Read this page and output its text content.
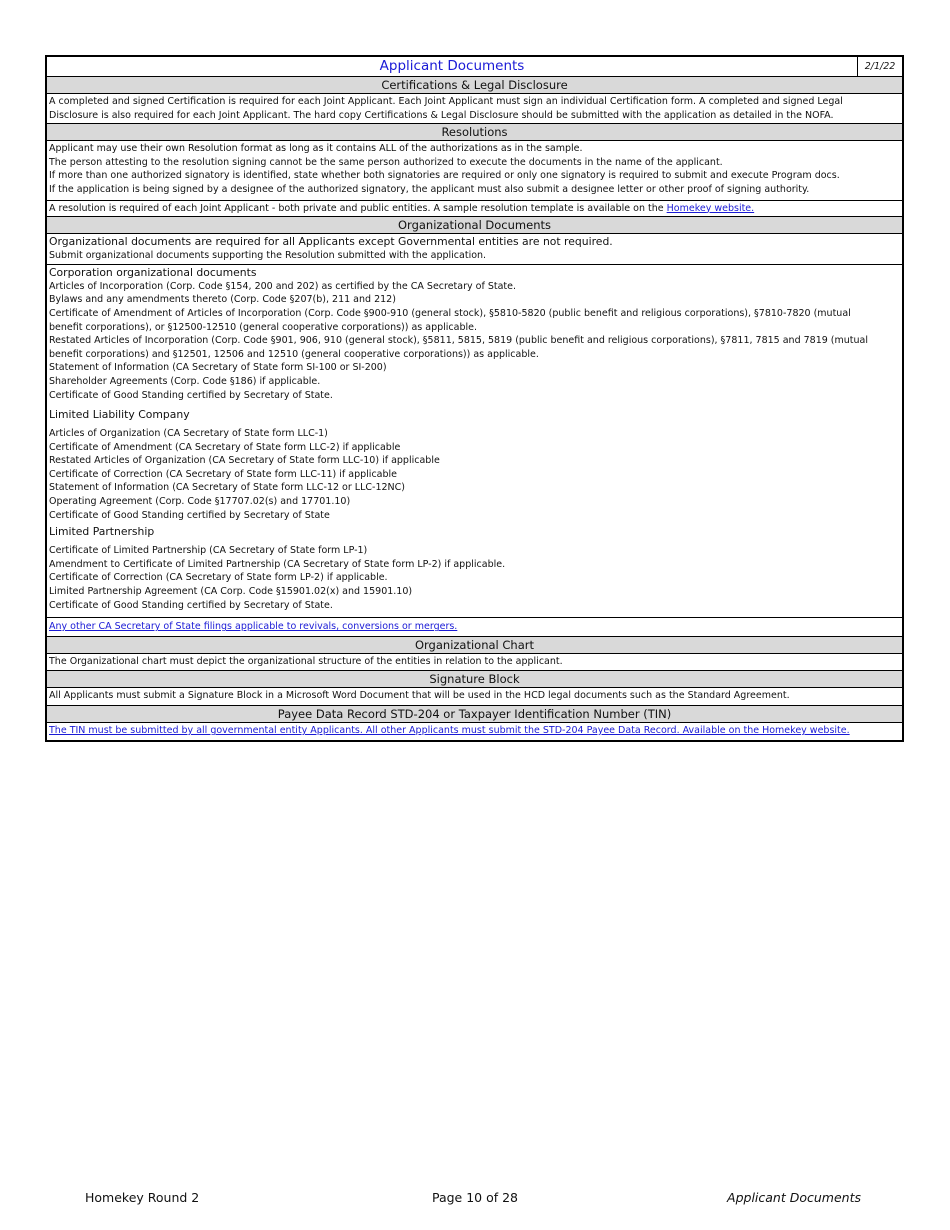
Applicant Documents	2/1/22
Certifications & Legal Disclosure

A completed and signed Certification is required for each Joint Applicant. Each Joint Applicant must sign an individual Certification form. A completed and signed Legal

Disclosure is also required for each Joint Applicant. The hard copy Certifications & Legal Disclosure should be submitted with the application as detailed in the NOFA.

Resolutions

Applicant may use their own Resolution format as long as it contains ALL of the authorizations as in the sample.

The person attesting to the resolution signing cannot be the same person authorized to execute the documents in the name of the applicant.

If more than one authorized signatory is identified, state whether both signatories are required or only one signatory is required to submit and execute Program docs.

If the application is being signed by a designee of the authorized signatory, the applicant must also submit a designee letter or other proof of signing authority.

A resolution is required of each Joint Applicant - both private and public entities. A sample resolution template is available on the Homekey website.
Organizational Documents

Organizational documents are required for all Applicants except Governmental entities are not required.

Submit organizational documents supporting the Resolution submitted with the application.

Corporation organizational documents

Articles of Incorporation (Corp. Code §154, 200 and 202) as certified by the CA Secretary of State.

Bylaws and any amendments thereto (Corp. Code §207(b), 211 and 212)

Certificate of Amendment of Articles of Incorporation (Corp. Code §900-910 (general stock), §5810-5820 (public benefit and religious corporations), §7810-7820 (mutual

benefit corporations), or §12500-12510 (general cooperative corporations)) as applicable.

Restated Articles of Incorporation (Corp. Code §901, 906, 910 (general stock), §5811, 5815, 5819 (public benefit and religious corporations), §7811, 7815 and 7819 (mutual

benefit corporations) and §12501, 12506 and 12510 (general cooperative corporations)) as applicable.

Statement of Information (CA Secretary of State form SI-100 or SI-200)

Shareholder Agreements (Corp. Code §186) if applicable.

Certificate of Good Standing certified by Secretary of State.

Limited Liability Company

Articles of Organization (CA Secretary of State form LLC-1)

Certificate of Amendment (CA Secretary of State form LLC-2) if applicable

Restated Articles of Organization (CA Secretary of State form LLC-10) if applicable

Certificate of Correction (CA Secretary of State form LLC-11) if applicable

Statement of Information (CA Secretary of State form LLC-12 or LLC-12NC)

Operating Agreement (Corp. Code §17707.02(s) and 17701.10)

Certificate of Good Standing certified by Secretary of State

Limited Partnership

Certificate of Limited Partnership (CA Secretary of State form LP-1)

Amendment to Certificate of Limited Partnership (CA Secretary of State form LP-2) if applicable.

Certificate of Correction (CA Secretary of State form LP-2) if applicable.

Limited Partnership Agreement (CA Corp. Code §15901.02(x) and 15901.10)

Certificate of Good Standing certified by Secretary of State.

Any other CA Secretary of State filings applicable to revivals, conversions or mergers.
Organizational Chart
The Organizational chart must depict the organizational structure of the entities in relation to the applicant.
Signature Block
All Applicants must submit a Signature Block in a Microsoft Word Document that will be used in the HCD legal documents such as the Standard Agreement.
Payee Data Record STD-204 or Taxpayer Identification Number (TIN)
The TIN must be submitted by all governmental entity Applicants. All other Applicants must submit the STD-204 Payee Data Record. Available on the Homekey website.
Homekey Round 2	Page 10 of 28	Applicant Documents
